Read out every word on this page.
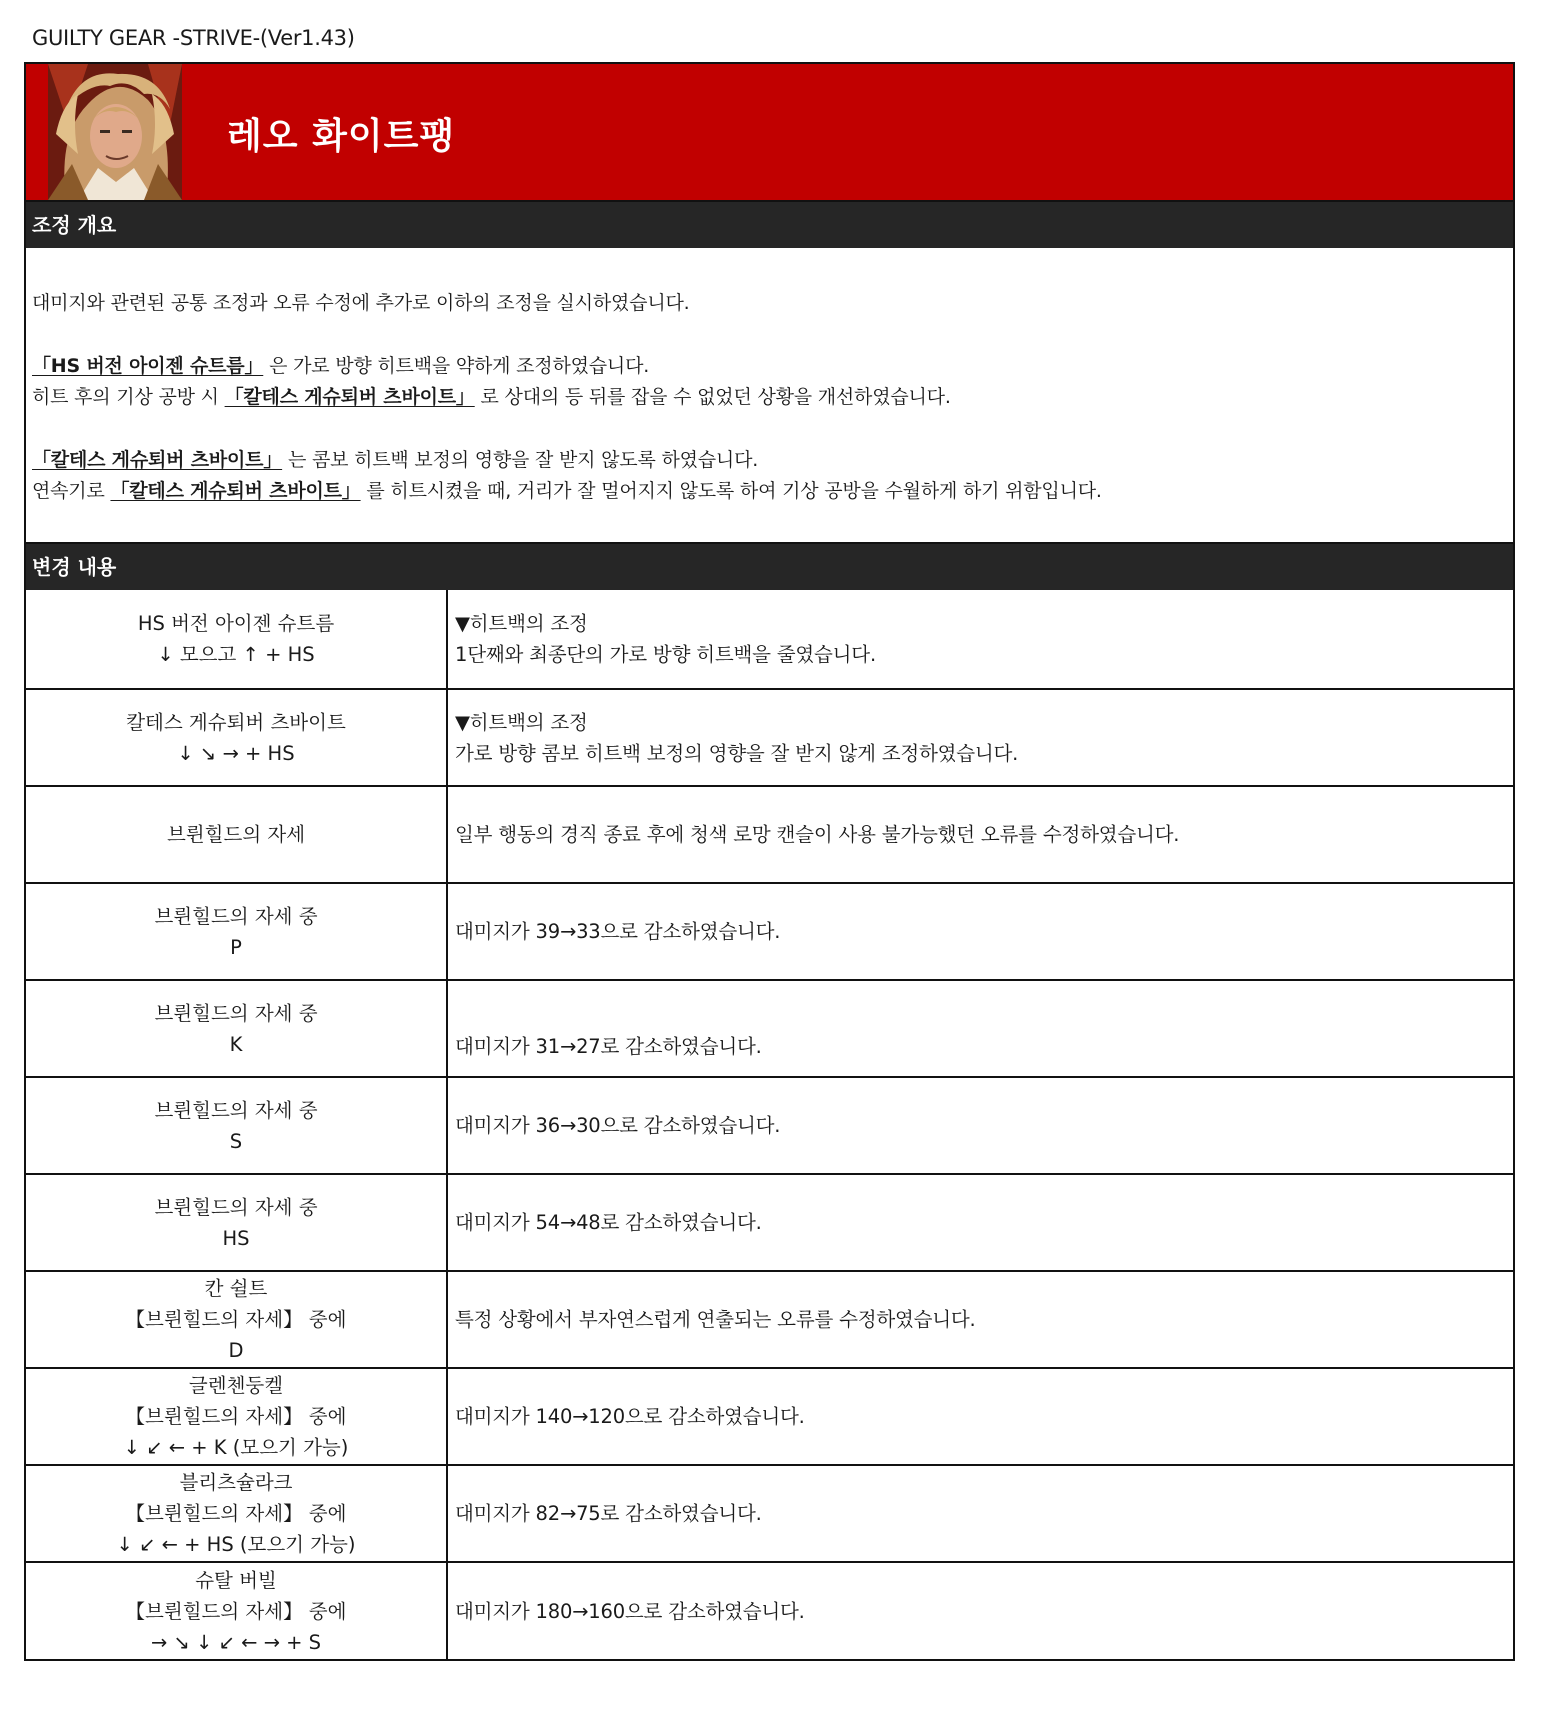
GUILTY GEAR -STRIVE-(Ver1.43)
레오 화이트팽
조정 개요

대미지와 관련된 공통 조정과 오류 수정에 추가로 이하의 조정을 실시하였습니다.

「HS 버전 아이젠 슈트름」 은 가로 방향 히트백을 약하게 조정하였습니다.

히트 후의 기상 공방 시 「칼테스 게슈퇴버 츠바이트」 로 상대의 등 뒤를 잡을 수 없었던 상황을 개선하였습니다.

「칼테스 게슈퇴버 츠바이트」 는 콤보 히트백 보정의 영향을 잘 받지 않도록 하였습니다.

연속기로 「칼테스 게슈퇴버 츠바이트」 를 히트시켰을 때, 거리가 잘 멀어지지 않도록 하여 기상 공방을 수월하게 하기 위함입니다.

변경 내용
HS 버전 아이젠 슈트름
↓ 모으고 ↑ + HS	▼히트백의 조정
1단째와 최종단의 가로 방향 히트백을 줄였습니다.

칼테스 게슈퇴버 츠바이트
↓ ↘ → + HS	▼히트백의 조정
가로 방향 콤보 히트백 보정의 영향을 잘 받지 않게 조정하였습니다.

브륀힐드의 자세	일부 행동의 경직 종료 후에 청색 로망 캔슬이 사용 불가능했던 오류를 수정하였습니다.

브륀힐드의 자세 중
P	대미지가 39→33으로 감소하였습니다.

브륀힐드의 자세 중
K	대미지가 31→27로 감소하였습니다.

브륀힐드의 자세 중
S	대미지가 36→30으로 감소하였습니다.

브륀힐드의 자세 중
HS	대미지가 54→48로 감소하였습니다.

칸 쉴트
【브륀힐드의 자세】 중에
D	특정 상황에서 부자연스럽게 연출되는 오류를 수정하였습니다.

글렌첸둥켈
【브륀힐드의 자세】 중에
↓ ↙ ← + K (모으기 가능)	대미지가 140→120으로 감소하였습니다.

블리츠슐라크
【브륀힐드의 자세】 중에
↓ ↙ ← + HS (모으기 가능)	대미지가 82→75로 감소하였습니다.

슈탈 버빌
【브륀힐드의 자세】 중에
→ ↘ ↓ ↙ ← → + S	대미지가 180→160으로 감소하였습니다.
